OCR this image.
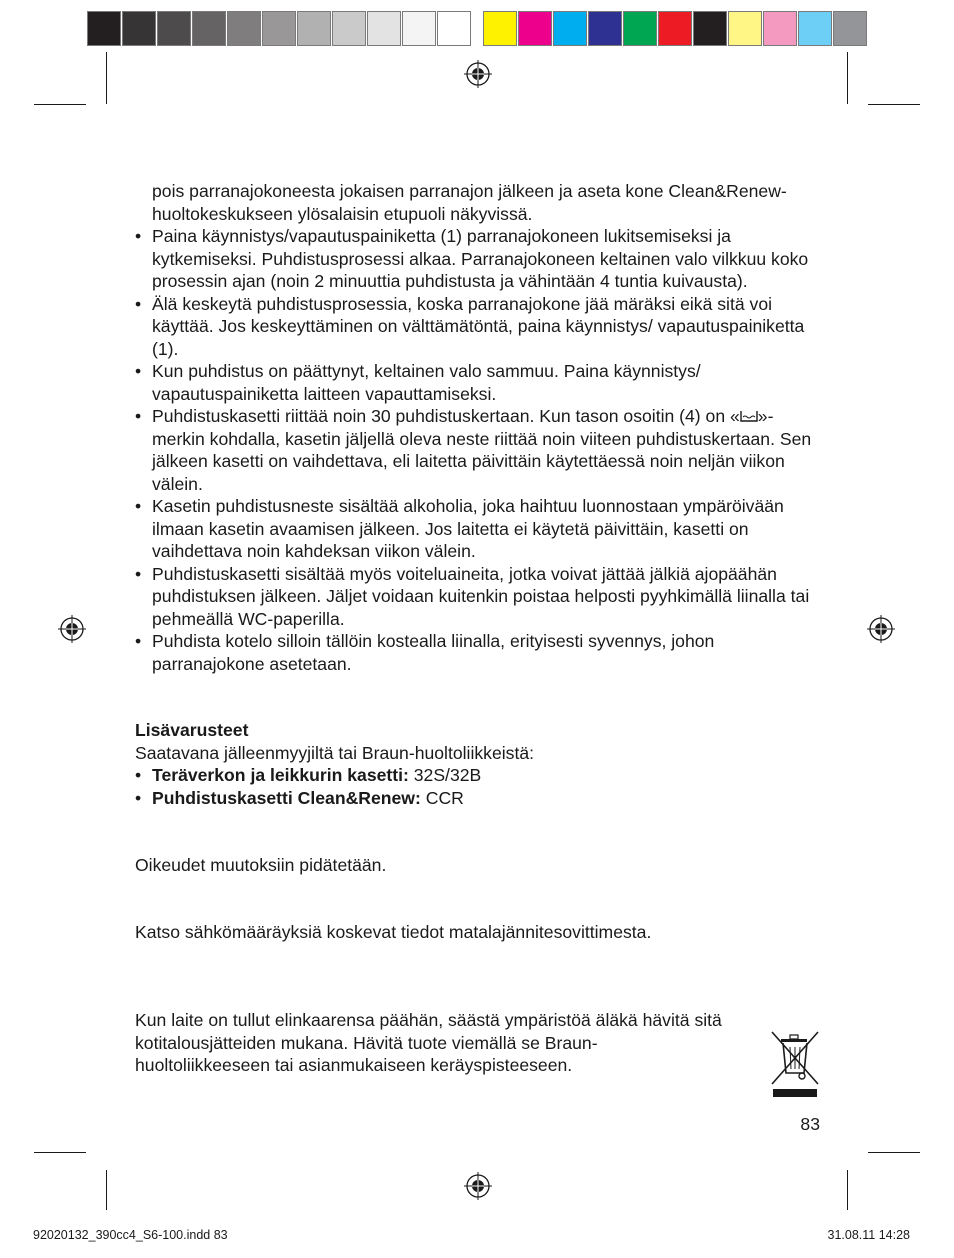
pois parranajokoneesta jokaisen parranajon jälkeen ja aseta kone Clean&Renew-huoltokeskukseen ylösalaisin etupuoli näkyvissä.

• Paina käynnistys/vapautuspainiketta (1) parranajokoneen lukitsemiseksi ja kytkemiseksi. Puhdistusprosessi alkaa. Parranajokoneen keltainen valo vilkkuu koko prosessin ajan (noin 2 minuuttia puhdistusta ja vähintään 4 tuntia kuivausta).
• Älä keskeytä puhdistusprosessia, koska parranajokone jää märäksi eikä sitä voi käyttää. Jos keskeyttäminen on välttämätöntä, paina käynnistys/ vapautuspainiketta (1).
• Kun puhdistus on päättynyt, keltainen valo sammuu. Paina käynnistys/ vapautuspainiketta laitteen vapauttamiseksi.
• Puhdistuskasetti riittää noin 30 puhdistuskertaan. Kun tason osoitin (4) on « »-merkin kohdalla, kasetin jäljellä oleva neste riittää noin viiteen puhdistuskertaan. Sen jälkeen kasetti on vaihdettava, eli laitetta päivittäin käytettäessä noin neljän viikon välein.
• Kasetin puhdistusneste sisältää alkoholia, joka haihtuu luonnostaan ympäröivään ilmaan kasetin avaamisen jälkeen. Jos laitetta ei käytetä päivittäin, kasetti on vaihdettava noin kahdeksan viikon välein.
• Puhdistuskasetti sisältää myös voiteluaineita, jotka voivat jättää jälkiä ajopäähän puhdistuksen jälkeen. Jäljet voidaan kuitenkin poistaa helposti pyyhkimällä liinalla tai pehmeällä WC-paperilla.
• Puhdista kotelo silloin tällöin kostealla liinalla, erityisesti syvennys, johon parranajokone asetetaan.
Lisävarusteet
Saatavana jälleenmyyjiltä tai Braun-huoltoliikkeistä:
• Teräverkon ja leikkurin kasetti: 32S/32B
• Puhdistuskasetti Clean&Renew: CCR
Oikeudet muutoksiin pidätetään.
Katso sähkömääräyksiä koskevat tiedot matalajännitesovittimesta.
Kun laite on tullut elinkaarensa päähän, säästä ympäristöä äläkä hävitä sitä kotitalousjätteiden mukana. Hävitä tuote viemällä se Braun-huoltoliikkeeseen tai asianmukaiseen keräyspisteeseen.
83
92020132_390cc4_S6-100.indd 83	31.08.11 14:28
